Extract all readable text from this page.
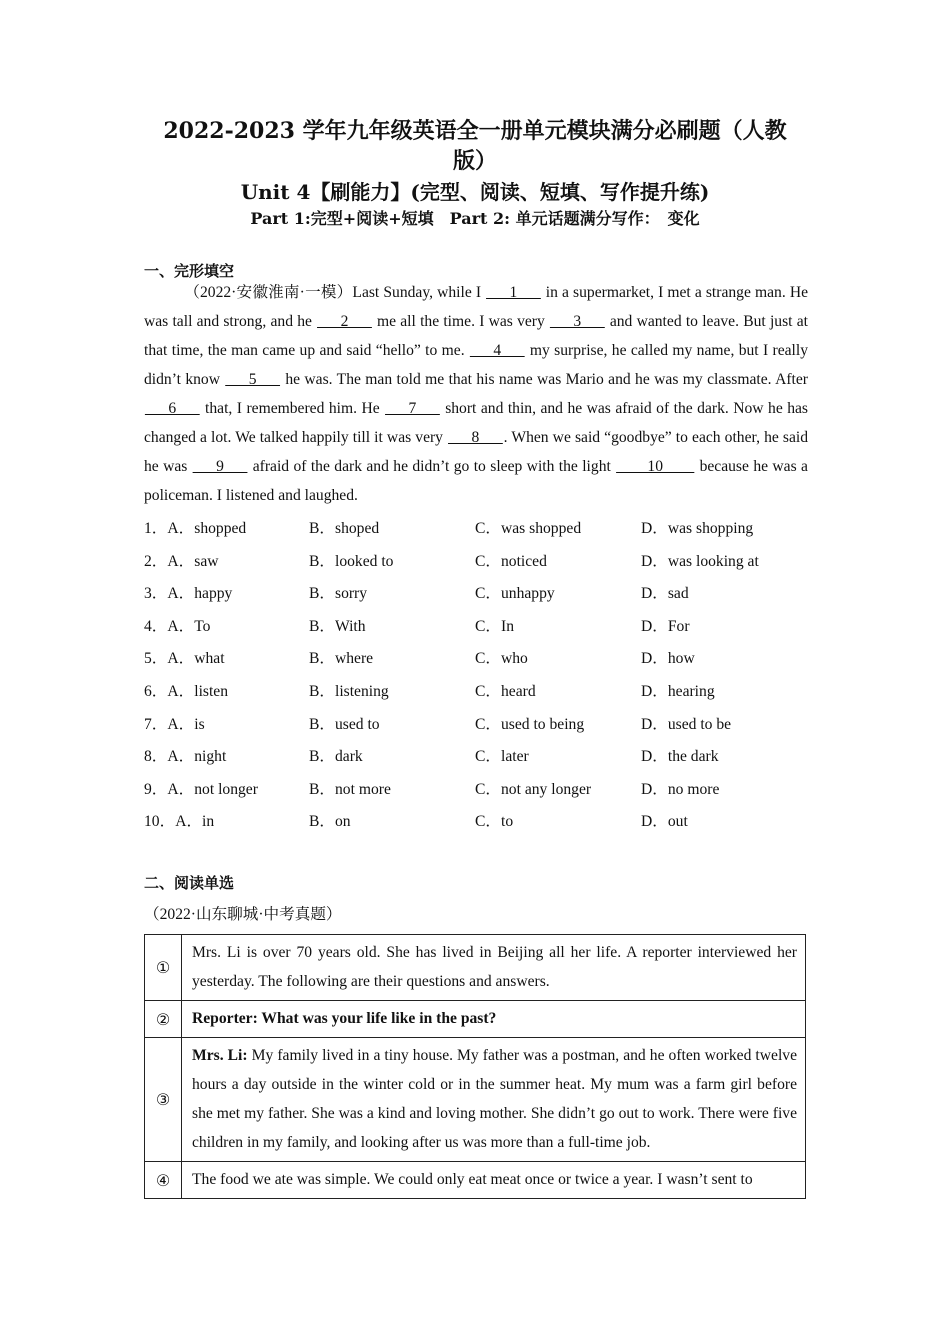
2022-2023 学年九年级英语全一册单元模块满分必刷题（人教
版）
Unit 4【刷能力】(完型、阅读、短填、写作提升练)
Part 1:完型+阅读+短填　Part 2: 单元话题满分写作：　变化
一、完形填空
（2022·安徽淮南·一模）Last Sunday, while I ___1___ in a supermarket, I met a strange man. He was tall and strong, and he ___2___ me all the time. I was very ___3___ and wanted to leave. But just at that time, the man came up and said “hello” to me. ___4___ my surprise, he called my name, but I really didn’t know ___5___ he was. The man told me that his name was Mario and he was my classmate. After ___6___ that, I remembered him. He ___7___ short and thin, and he was afraid of the dark. Now he has changed a lot. We talked happily till it was very ___8___. When we said “goodbye” to each other, he said he was ___9___ afraid of the dark and he didn’t go to sleep with the light ____10____ because he was a policeman. I listened and laughed.
1．A．shopped	B．shoped	C．was shopped	D．was shopping
2．A．saw	B．looked to	C．noticed	D．was looking at
3．A．happy	B．sorry	C．unhappy	D．sad
4．A．To	B．With	C．In	D．For
5．A．what	B．where	C．who	D．how
6．A．listen	B．listening	C．heard	D．hearing
7．A．is	B．used to	C．used to being	D．used to be
8．A．night	B．dark	C．later	D．the dark
9．A．not longer	B．not more	C．not any longer	D．no more
10．A．in	B．on	C．to	D．out
二、阅读单选
（2022·山东聊城·中考真题）
①	Mrs. Li is over 70 years old. She has lived in Beijing all her life. A reporter interviewed her yesterday. The following are their questions and answers.
②	Reporter: What was your life like in the past?
③	Mrs. Li: My family lived in a tiny house. My father was a postman, and he often worked twelve hours a day outside in the winter cold or in the summer heat. My mum was a farm girl before she met my father. She was a kind and loving mother. She didn’t go out to work. There were five children in my family, and looking after us was more than a full-time job.
④	The food we ate was simple. We could only eat meat once or twice a year. I wasn’t sent to
